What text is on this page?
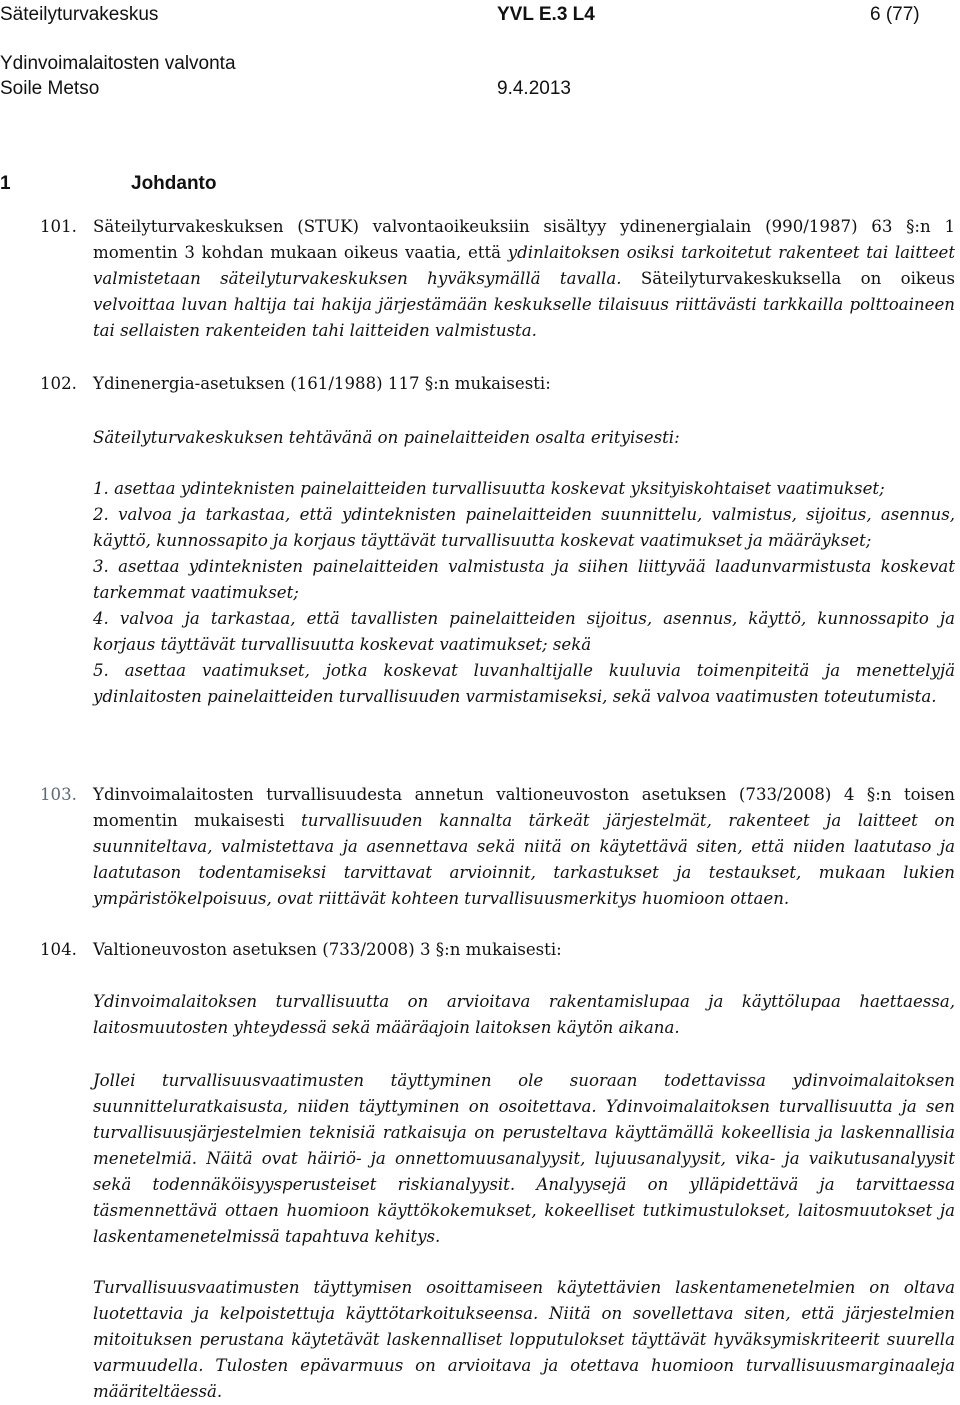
Säteilyturvakeskus	YVL E.3 L4	6 (77)
Ydinvoimalaitosten valvonta
Soile Metso	9.4.2013
1	Johdanto
101. Säteilyturvakeskuksen (STUK) valvontaoikeuksiin sisältyy ydinenergialain (990/1987) 63 §:n 1 momentin 3 kohdan mukaan oikeus vaatia, että ydinlaitoksen osiksi tarkoitetut rakenteet tai laitteet valmistetaan säteilyturvakeskuksen hyväksymällä tavalla. Säteilyturvakeskuksella on oikeus velvoittaa luvan haltija tai hakija järjestämään keskukselle tilaisuus riittävästi tarkkailla polttoaineen tai sellaisten rakenteiden tahi laitteiden valmistusta.
102. Ydinenergia-asetuksen (161/1988) 117 §:n mukaisesti:
Säteilyturvakeskuksen tehtävänä on painelaitteiden osalta erityisesti:
1. asettaa ydinteknisten painelaitteiden turvallisuutta koskevat yksityiskohtaiset vaatimukset;
2. valvoa ja tarkastaa, että ydinteknisten painelaitteiden suunnittelu, valmistus, sijoitus, asennus, käyttö, kunnossapito ja korjaus täyttävät turvallisuutta koskevat vaatimukset ja määräykset;
3. asettaa ydinteknisten painelaitteiden valmistusta ja siihen liittyvää laadunvarmistusta koskevat tarkemmat vaatimukset;
4. valvoa ja tarkastaa, että tavallisten painelaitteiden sijoitus, asennus, käyttö, kunnossapito ja korjaus täyttävät turvallisuutta koskevat vaatimukset; sekä
5. asettaa vaatimukset, jotka koskevat luvanhaltijalle kuuluvia toimenpiteitä ja menettelyjä ydinlaitosten painelaitteiden turvallisuuden varmistamiseksi, sekä valvoa vaatimusten toteutumista.
103. Ydinvoimalaitosten turvallisuudesta annetun valtioneuvoston asetuksen (733/2008) 4 §:n toisen momentin mukaisesti turvallisuuden kannalta tärkeät järjestelmät, rakenteet ja laitteet on suunniteltava, valmistettava ja asennettava sekä niitä on käytettävä siten, että niiden laatutaso ja laatutason todentamiseksi tarvittavat arvioinnit, tarkastukset ja testaukset, mukaan lukien ympäristökelpoisuus, ovat riittävät kohteen turvallisuusmerkitys huomioon ottaen.
104. Valtioneuvoston asetuksen (733/2008) 3 §:n mukaisesti:
Ydinvoimalaitoksen turvallisuutta on arvioitava rakentamislupaa ja käyttölupaa haettaessa, laitosmuutosten yhteydessä sekä määräajoin laitoksen käytön aikana.
Jollei turvallisuusvaatimusten täyttyminen ole suoraan todettavissa ydinvoimalaitoksen suunnitteluratkaisusta, niiden täyttyminen on osoitettava. Ydinvoimalaitoksen turvallisuutta ja sen turvallisuusjärjestelmien teknisiä ratkaisuja on perusteltava käyttämällä kokeellisia ja laskennallisia menetelmiä. Näitä ovat häiriö- ja onnettomuusanalyysit, lujuusanalyysit, vika- ja vaikutusanalyysit sekä todennäköisyysperusteiset riskianalyysit. Analyysejä on ylläpidettävä ja tarvittaessa täsmennettävä ottaen huomioon käyttökokemukset, kokeelliset tutkimustulokset, laitosmuutokset ja laskentamenetelmissä tapahtuva kehitys.
Turvallisuusvaatimusten täyttymisen osoittamiseen käytettävien laskentamenetelmien on oltava luotettavia ja kelpoistettuja käyttötarkoitukseensa. Niitä on sovellettava siten, että järjestelmien mitoituksen perustana käytetävät laskennalliset lopputulokset täyttävät hyväksymiskriteerit suurella varmuudella. Tulosten epävarmuus on arvioitava ja otettava huomioon turvallisuusmarginaaleja määriteltäessä.
